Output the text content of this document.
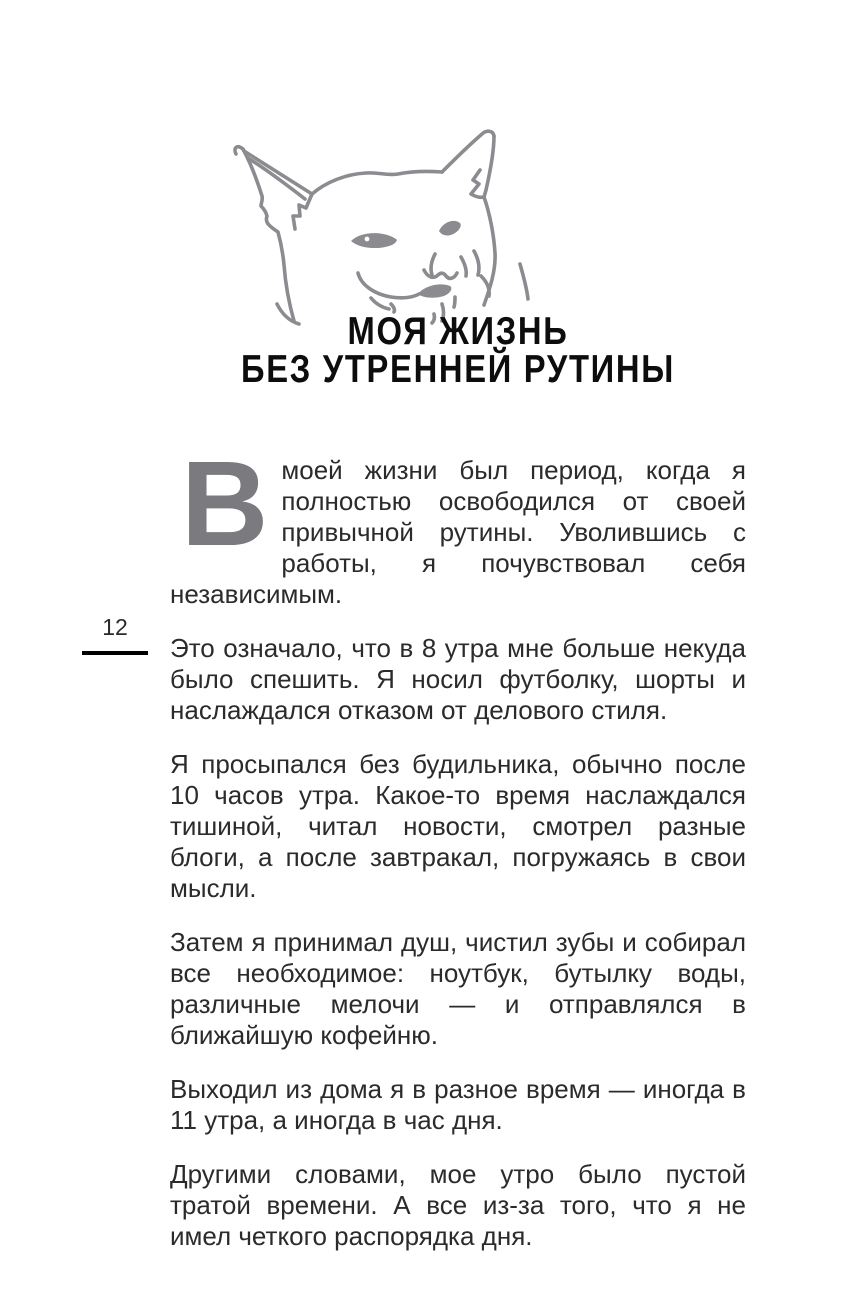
МОЯ ЖИЗНЬ
БЕЗ УТРЕННЕЙ РУТИНЫ
12

Вмоей жизни был период, когда я полностью освободился от своей привычной рутины. Уволившись с работы, я почувствовал себя независимым.

Это означало, что в 8 утра мне больше некуда было спешить. Я носил футболку, шорты и наслаждался отказом от делового стиля.

Я просыпался без будильника, обычно после 10 часов утра. Какое-то время наслаждался тишиной, читал новости, смотрел разные блоги, а после завтракал, погружаясь в свои мысли.

Затем я принимал душ, чистил зубы и собирал все необходимое: ноутбук, бутылку воды, различные мелочи — и отправлялся в ближайшую кофейню.

Выходил из дома я в разное время — иногда в 11 утра, а иногда в час дня.

Другими словами, мое утро было пустой тратой времени. А все из-за того, что я не имел четкого распорядка дня.
